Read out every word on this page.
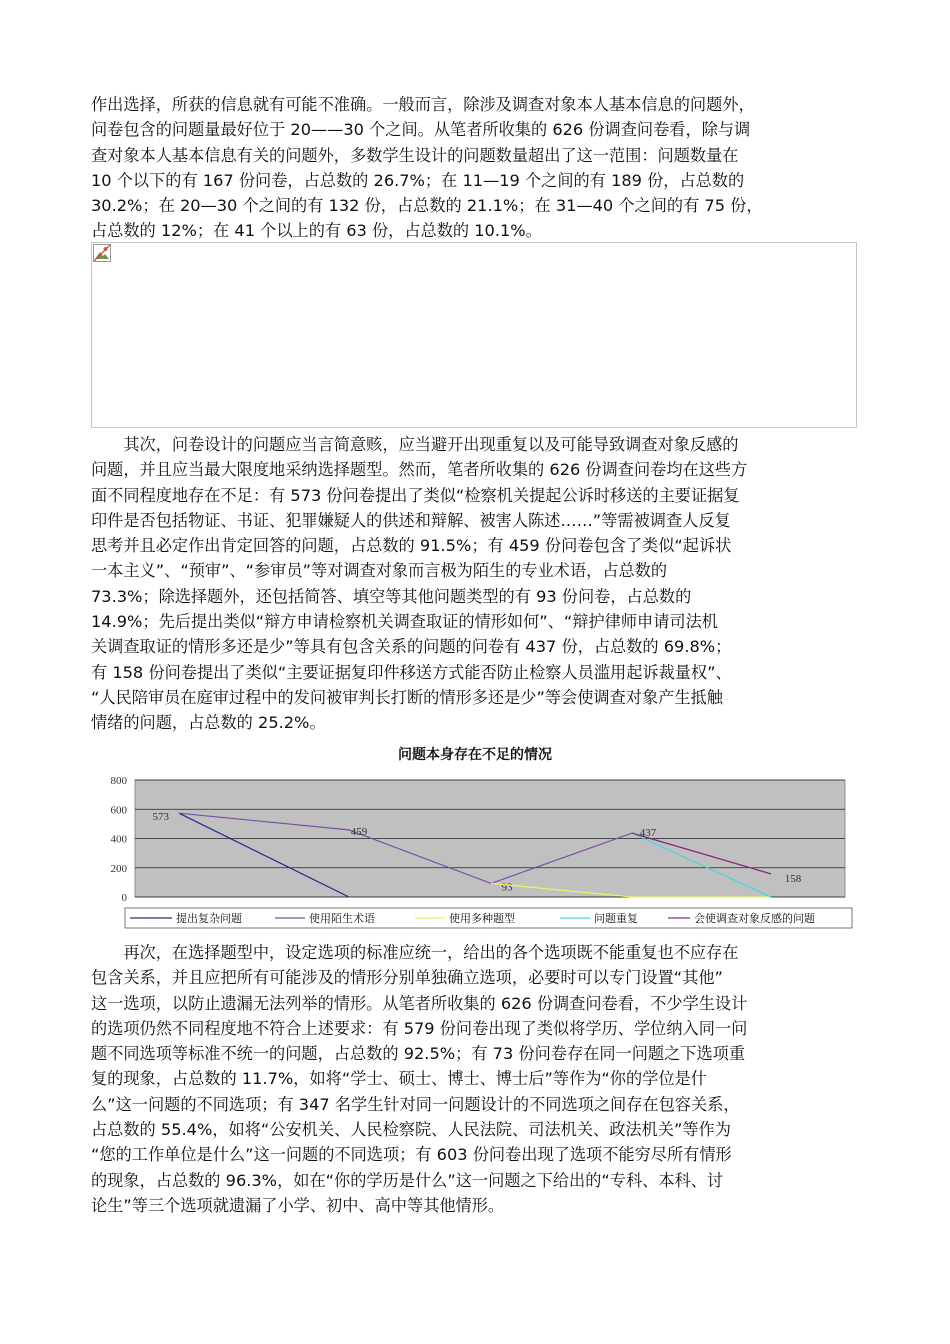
作出选择，所获的信息就有可能不准确。一般而言，除涉及调查对象本人基本信息的问题外，
问卷包含的问题量最好位于 20——30 个之间。从笔者所收集的 626 份调查问卷看，除与调
查对象本人基本信息有关的问题外，多数学生设计的问题数量超出了这一范围：问题数量在
10 个以下的有 167 份问卷，占总数的 26.7%；在 11—19 个之间的有 189 份，占总数的
30.2%；在 20—30 个之间的有 132 份，占总数的 21.1%；在 31—40 个之间的有 75 份，
占总数的 12%；在 41 个以上的有 63 份，占总数的 10.1%。
　　其次，问卷设计的问题应当言简意赅，应当避开出现重复以及可能导致调查对象反感的
问题，并且应当最大限度地采纳选择题型。然而，笔者所收集的 626 份调查问卷均在这些方
面不同程度地存在不足：有 573 份问卷提出了类似“检察机关提起公诉时移送的主要证据复
印件是否包括物证、书证、犯罪嫌疑人的供述和辩解、被害人陈述……”等需被调查人反复
思考并且必定作出肯定回答的问题，占总数的 91.5%；有 459 份问卷包含了类似“起诉状
一本主义”、“预审”、“参审员”等对调查对象而言极为陌生的专业术语，占总数的
73.3%；除选择题外，还包括简答、填空等其他问题类型的有 93 份问卷，占总数的
14.9%；先后提出类似“辩方申请检察机关调查取证的情形如何”、“辩护律师申请司法机
关调查取证的情形多还是少”等具有包含关系的问题的问卷有 437 份，占总数的 69.8%；
有 158 份问卷提出了类似“主要证据复印件移送方式能否防止检察人员滥用起诉裁量权”、
“人民陪审员在庭审过程中的发问被审判长打断的情形多还是少”等会使调查对象产生抵触
情绪的问题，占总数的 25.2%。
问题本身存在不足的情况
0
200
400
600
800
573
459
93
437
158
提出复杂问题	使用陌生术语	使用多种题型	问题重复	会使调查对象反感的问题
　　再次，在选择题型中，设定选项的标准应统一，给出的各个选项既不能重复也不应存在
包含关系，并且应把所有可能涉及的情形分别单独确立选项，必要时可以专门设置“其他”
这一选项，以防止遗漏无法列举的情形。从笔者所收集的 626 份调查问卷看，不少学生设计
的选项仍然不同程度地不符合上述要求：有 579 份问卷出现了类似将学历、学位纳入同一问
题不同选项等标准不统一的问题，占总数的 92.5%；有 73 份问卷存在同一问题之下选项重
复的现象，占总数的 11.7%，如将“学士、硕士、博士、博士后”等作为“你的学位是什
么”这一问题的不同选项；有 347 名学生针对同一问题设计的不同选项之间存在包容关系，
占总数的 55.4%，如将“公安机关、人民检察院、人民法院、司法机关、政法机关”等作为
“您的工作单位是什么”这一问题的不同选项；有 603 份问卷出现了选项不能穷尽所有情形
的现象，占总数的 96.3%，如在“你的学历是什么”这一问题之下给出的“专科、本科、讨
论生”等三个选项就遗漏了小学、初中、高中等其他情形。
